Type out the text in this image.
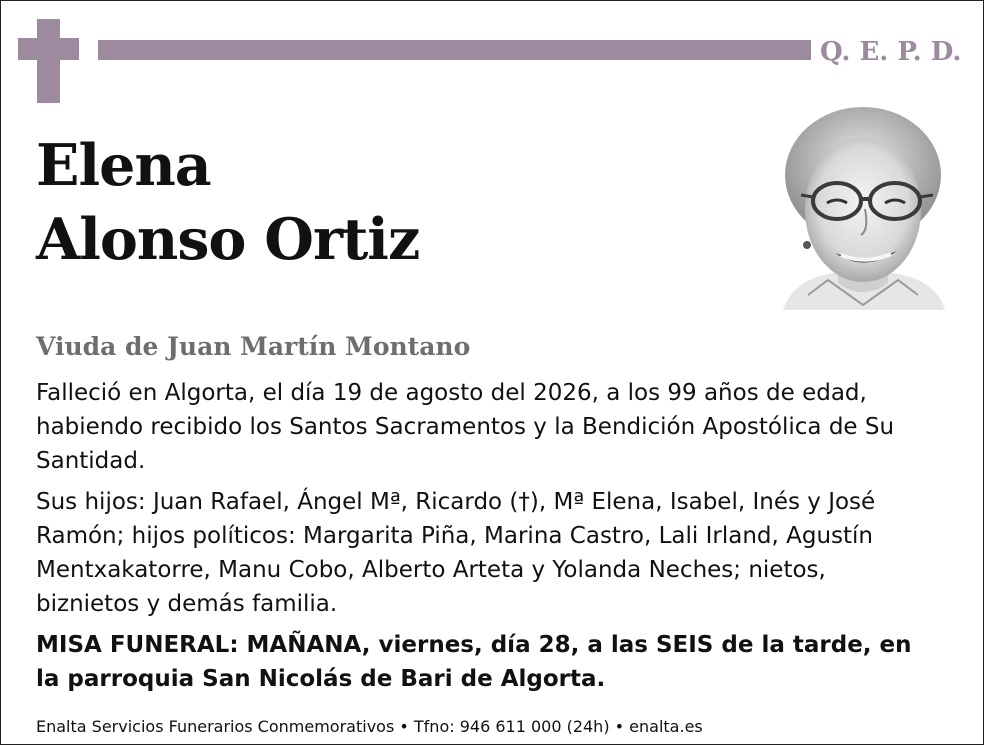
Q. E. P. D.
Elena
Alonso Ortiz
Viuda de Juan Martín Montano
Falleció en Algorta, el día 19 de agosto del 2026, a los 99 años de edad, habiendo recibido los Santos Sacramentos y la Bendición Apostólica de Su Santidad.
Sus hijos: Juan Rafael, Ángel Mª, Ricardo (†), Mª Elena, Isabel, Inés y José Ramón; hijos políticos: Margarita Piña, Marina Castro, Lali Irland, Agustín Mentxakatorre, Manu Cobo, Alberto Arteta y Yolanda Neches; nietos, biznietos y demás familia.
MISA FUNERAL: MAÑANA, viernes, día 28, a las SEIS de la tarde, en la parroquia San Nicolás de Bari de Algorta.
Enalta Servicios Funerarios Conmemorativos • Tfno: 946 611 000 (24h) • enalta.es
